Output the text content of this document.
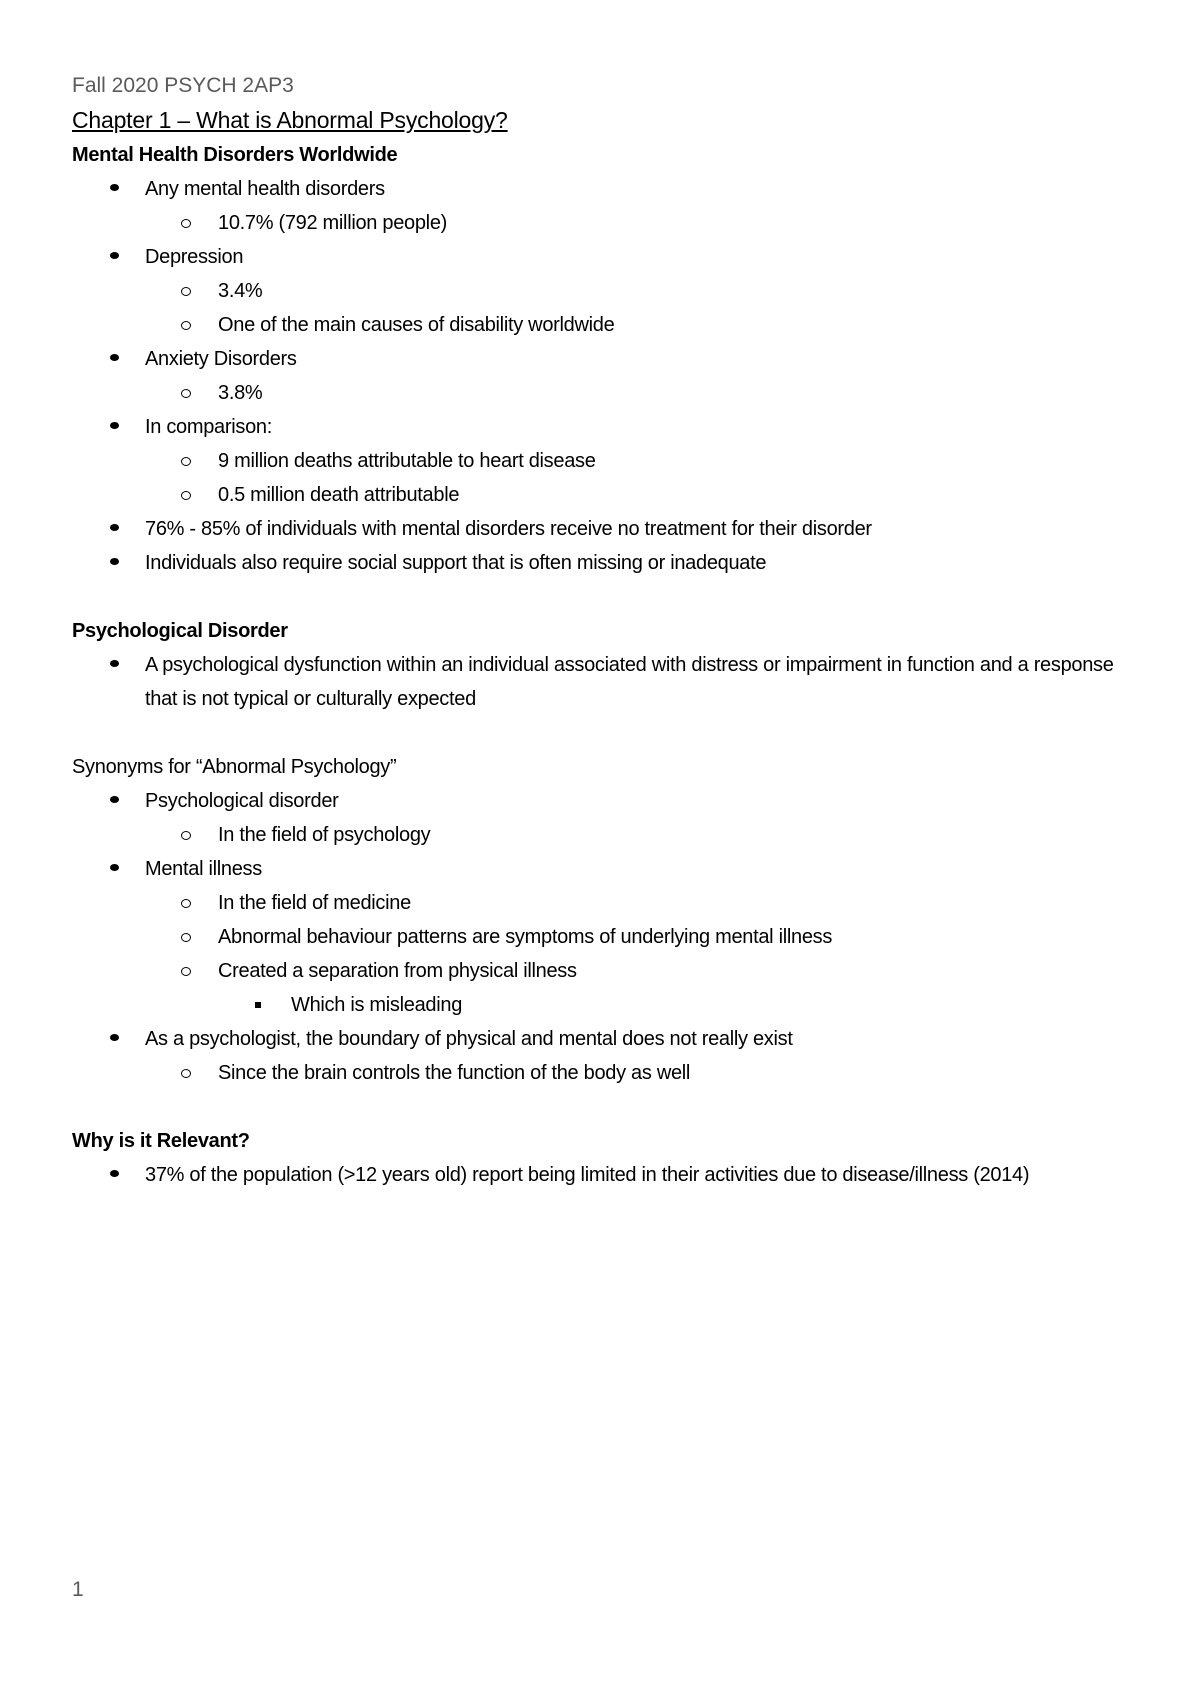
Fall 2020 PSYCH 2AP3
Chapter 1 – What is Abnormal Psychology?
Mental Health Disorders Worldwide
Any mental health disorders
10.7% (792 million people)
Depression
3.4%
One of the main causes of disability worldwide
Anxiety Disorders
3.8%
In comparison:
9 million deaths attributable to heart disease
0.5 million death attributable
76% - 85% of individuals with mental disorders receive no treatment for their disorder
Individuals also require social support that is often missing or inadequate
Psychological Disorder
A psychological dysfunction within an individual associated with distress or impairment in function and a response that is not typical or culturally expected
Synonyms for “Abnormal Psychology”
Psychological disorder
In the field of psychology
Mental illness
In the field of medicine
Abnormal behaviour patterns are symptoms of underlying mental illness
Created a separation from physical illness
Which is misleading
As a psychologist, the boundary of physical and mental does not really exist
Since the brain controls the function of the body as well
Why is it Relevant?
37% of the population (>12 years old) report being limited in their activities due to disease/illness (2014)
1
